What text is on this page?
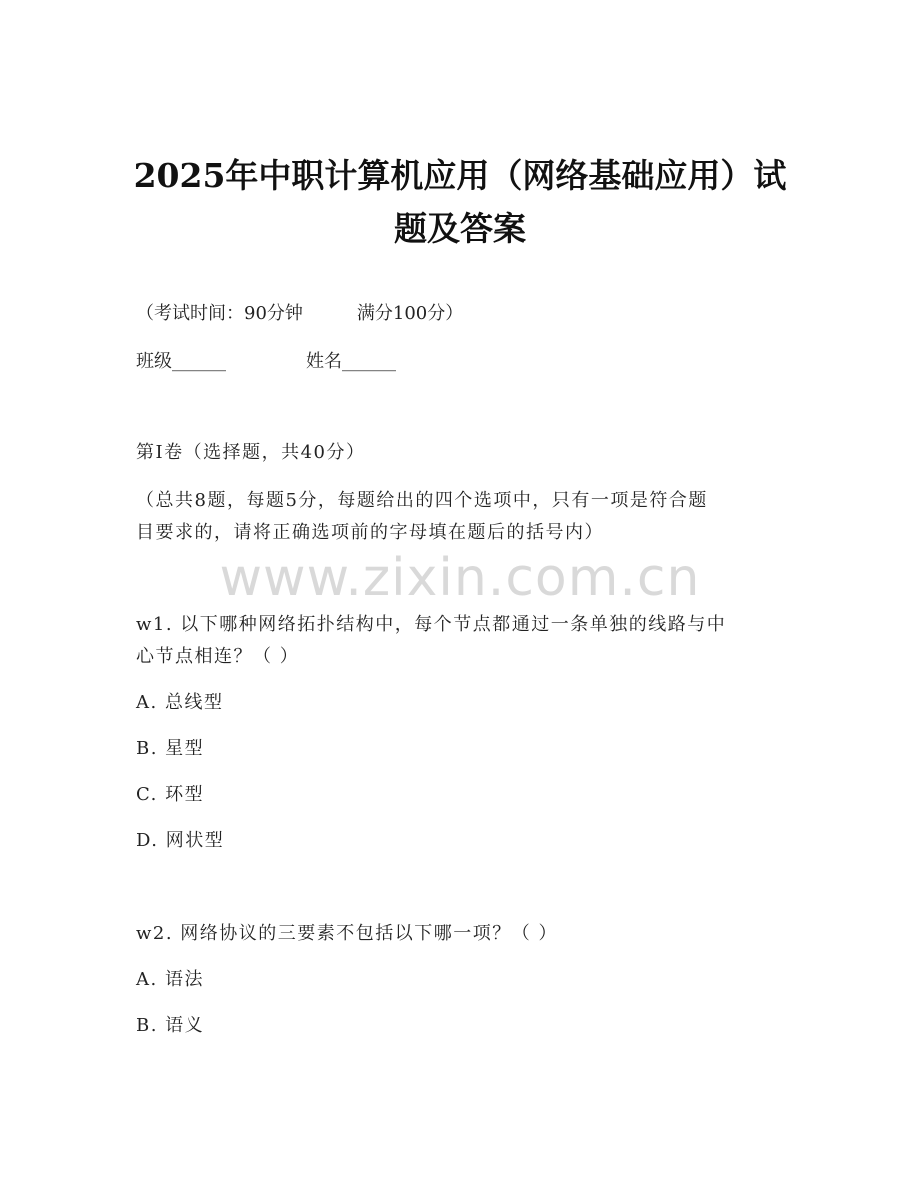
2025年中职计算机应用（网络基础应用）试
题及答案
（考试时间：90分钟	满分100分）
班级______	姓名______
第I卷（选择题，共40分）
（总共8题，每题5分，每题给出的四个选项中，只有一项是符合题
目要求的，请将正确选项前的字母填在题后的括号内）
www.zixin.com.cn
w1. 以下哪种网络拓扑结构中，每个节点都通过一条单独的线路与中
心节点相连？（ ）
A. 总线型
B. 星型
C. 环型
D. 网状型
w2. 网络协议的三要素不包括以下哪一项？（ ）
A. 语法
B. 语义
